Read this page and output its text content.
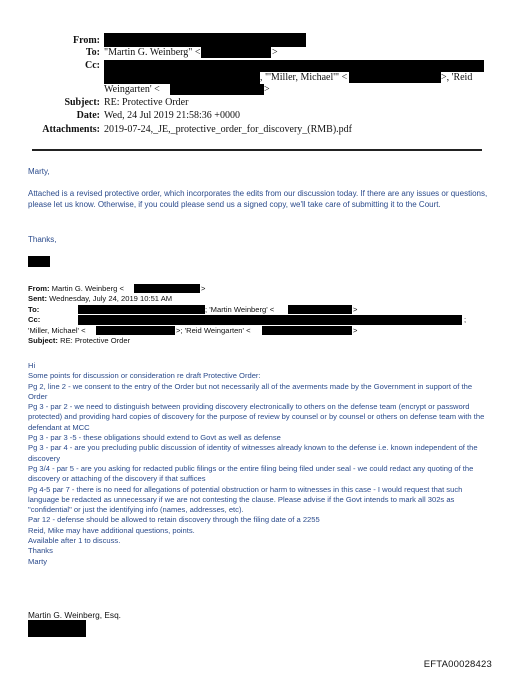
From:
To: "Martin G. Weinberg" <	>
Cc:
, "'Miller, Michael'" <	>, 'Reid
Weingarten' <	>
Subject: RE: Protective Order
Date: Wed, 24 Jul 2019 21:58:36 +0000
Attachments: 2019-07-24,_JE,_protective_order_for_discovery_(RMB).pdf
Marty,
Attached is a revised protective order, which incorporates the edits from our discussion today. If there are any issues or questions, please let us know. Otherwise, if you could please send us a signed copy, we'll take care of submitting it to the Court.
Thanks,
From: Martin G. Weinberg <	>
Sent: Wednesday, July 24, 2019 10:51 AM
To:	; 'Martin Weinberg' <	>
Cc:	;
'Miller, Michael' <	>; 'Reid Weingarten' <	>
Subject: RE: Protective Order
Hi
Some points for discussion or consideration re draft Protective Order:
Pg 2, line 2 - we consent to the entry of the Order but not necessarily all of the averments made by the Government in support of the Order
Pg 3 - par 2 - we need to distinguish between providing discovery electronically to others on the defense team (encrypt or password protected) and providing hard copies of discovery for the purpose of review by counsel or by counsel or others on defense team with the defendant at MCC
Pg 3 - par 3 -5 - these obligations should extend to Govt as well as defense
Pg 3 - par 4 - are you precluding public discussion of identity of witnesses already known to the defense i.e. known independent of the discovery
Pg 3/4 - par 5 - are you asking for redacted public filings or the entire filing being filed under seal - we could redact any quoting of the discovery or attaching of the discovery if that suffices
Pg 4-5 par 7 - there is no need for allegations of potential obstruction or harm to witnesses in this case - I would request that such language be redacted as unnecessary if we are not contesting the clause. Please advise if the Govt intends to mark all 302s as "confidential" or just the identifying info (names, addresses, etc).
Par 12 - defense should be allowed to retain discovery through the filing date of a 2255
Reid, Mike may have additional questions, points.
Available after 1 to discuss.
Thanks
Marty
Martin G. Weinberg, Esq.
EFTA00028423
